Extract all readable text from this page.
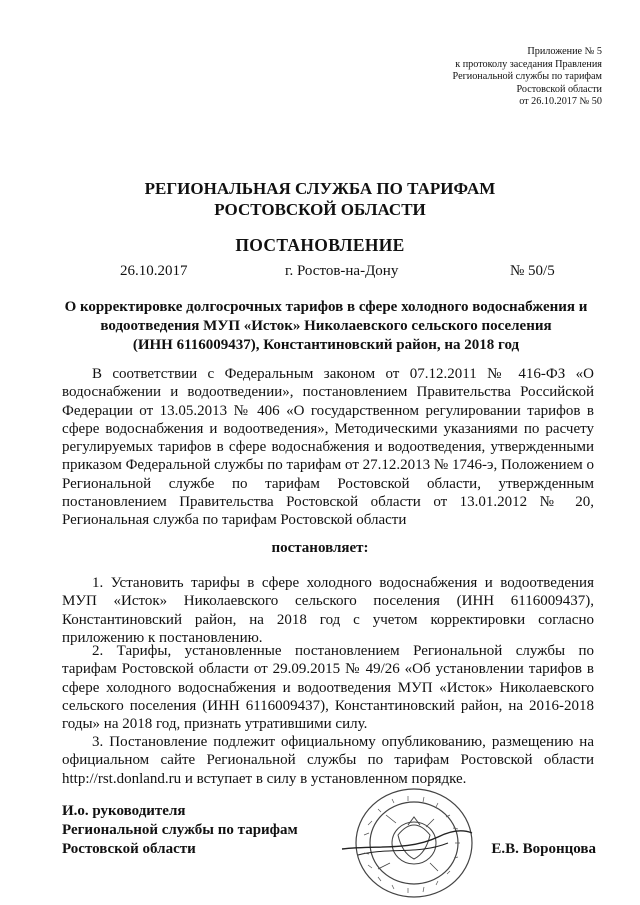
Приложение № 5
к протоколу заседания Правления
Региональной службы по тарифам
Ростовской области
от 26.10.2017 № 50
РЕГИОНАЛЬНАЯ СЛУЖБА ПО ТАРИФАМ
РОСТОВСКОЙ ОБЛАСТИ
ПОСТАНОВЛЕНИЕ
26.10.2017	г. Ростов-на-Дону	№ 50/5
О корректировке долгосрочных тарифов в сфере холодного водоснабжения и
водоотведения МУП «Исток» Николаевского сельского поселения
(ИНН 6116009437), Константиновский район, на 2018 год
В соответствии с Федеральным законом от 07.12.2011 № 416-ФЗ «О водоснабжении и водоотведении», постановлением Правительства Российской Федерации от 13.05.2013 № 406 «О государственном регулировании тарифов в сфере водоснабжения и водоотведения», Методическими указаниями по расчету регулируемых тарифов в сфере водоснабжения и водоотведения, утвержденными приказом Федеральной службы по тарифам от 27.12.2013 № 1746-э, Положением о Региональной службе по тарифам Ростовской области, утвержденным постановлением Правительства Ростовской области от 13.01.2012 № 20, Региональная служба по тарифам Ростовской области
постановляет:
1. Установить тарифы в сфере холодного водоснабжения и водоотведения МУП «Исток» Николаевского сельского поселения (ИНН 6116009437), Константиновский район, на 2018 год с учетом корректировки согласно приложению к постановлению.
2. Тарифы, установленные постановлением Региональной службы по тарифам Ростовской области от 29.09.2015 № 49/26 «Об установлении тарифов в сфере холодного водоснабжения и водоотведения МУП «Исток» Николаевского сельского поселения (ИНН 6116009437), Константиновский район, на 2016-2018 годы» на 2018 год, признать утратившими силу.
3. Постановление подлежит официальному опубликованию, размещению на официальном сайте Региональной службы по тарифам Ростовской области http://rst.donland.ru и вступает в силу в установленном порядке.
И.о. руководителя
Региональной службы по тарифам
Ростовской области	Е.В. Воронцова
